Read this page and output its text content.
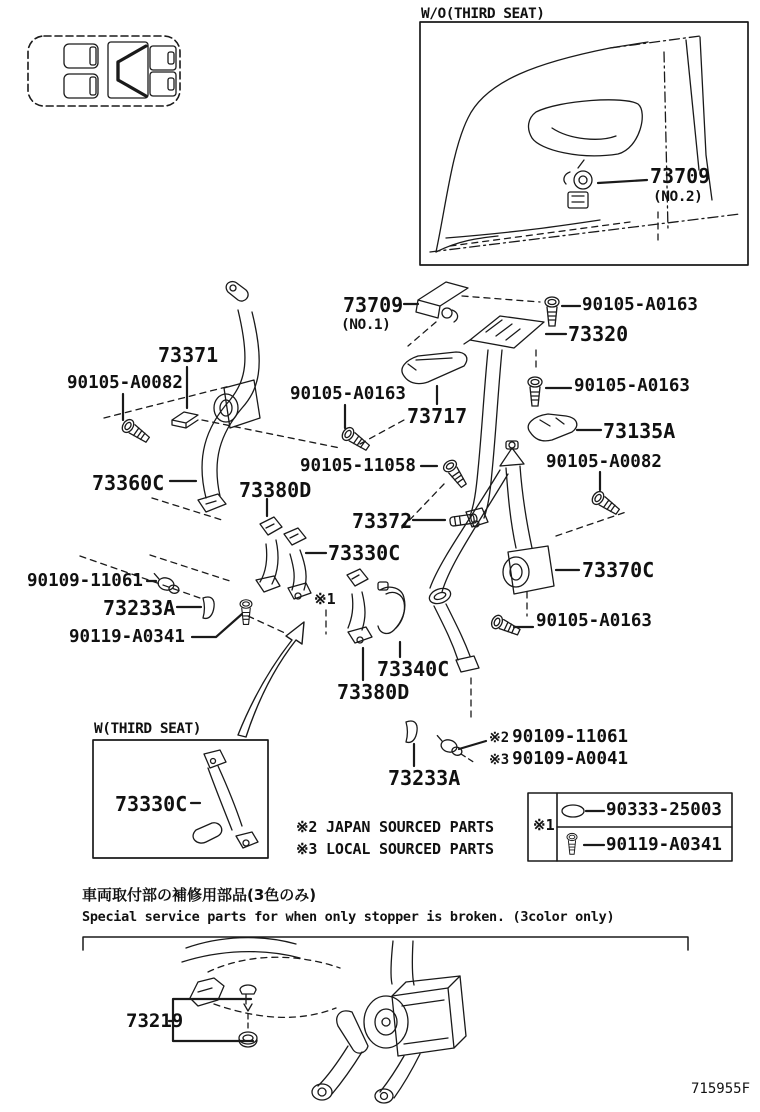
W/O(THIRD SEAT)
73709
(NO.2)
73709
(NO.1)
90105-A0163
73320
73371
90105-A0082
90105-A0163
73717
90105-A0163
73135A
90105-11058	90105-A0082
73360C	73380D
73372
73330C
73370C
90109-11061
73233A
90119-A0341
90105-A0163
※1
73340C
73380D
73233A
※2 90109-11061
※3 90109-A0041
W(THIRD SEAT)
73330C
※2 JAPAN SOURCED PARTS
※3 LOCAL SOURCED PARTS
※1
90333-25003
90119-A0341
車両取付部の補修用部品(3色のみ)
Special service parts for when only stopper is broken. (3color only)
73219
715955F
